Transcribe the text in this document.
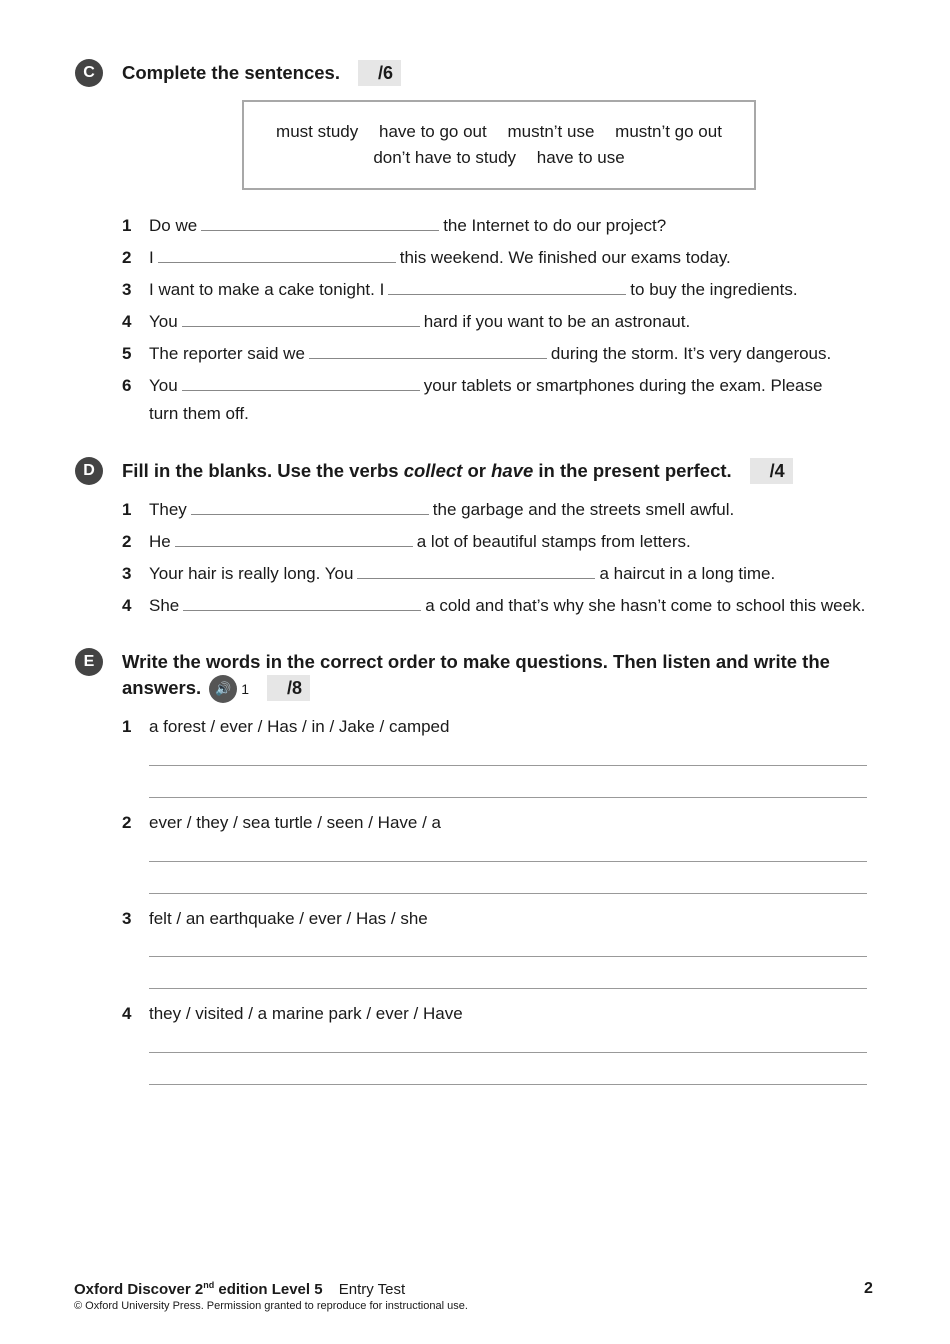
C	Complete the sentences. /6
must study have to go out mustn’t use mustn’t go out
don’t have to study have to use
1 Do we	the Internet to do our project?
2 I	this weekend. We finished our exams today.
3 I want to make a cake tonight. I	to buy the ingredients.
4 You	hard if you want to be an astronaut.
5 The reporter said we	during the storm. It’s very dangerous.
6 You	your tablets or smartphones during the exam. Please
turn them off.
D	Fill in the blanks. Use the verbs collect or have in the present perfect. /4
1 They	the garbage and the streets smell awful.
2 He	a lot of beautiful stamps from letters.
3 Your hair is really long. You	a haircut in a long time.
4 She	a cold and that’s why she hasn’t come to school this week.
E	Write the words in the correct order to make questions. Then listen and write the
answers. 🔊 1 /8
1 a forest / ever / Has / in / Jake / camped
2 ever / they / sea turtle / seen / Have / a
3 felt / an earthquake / ever / Has / she
4 they / visited / a marine park / ever / Have
Oxford Discover 2nd edition Level 5 Entry Test
© Oxford University Press. Permission granted to reproduce for instructional use.
2
